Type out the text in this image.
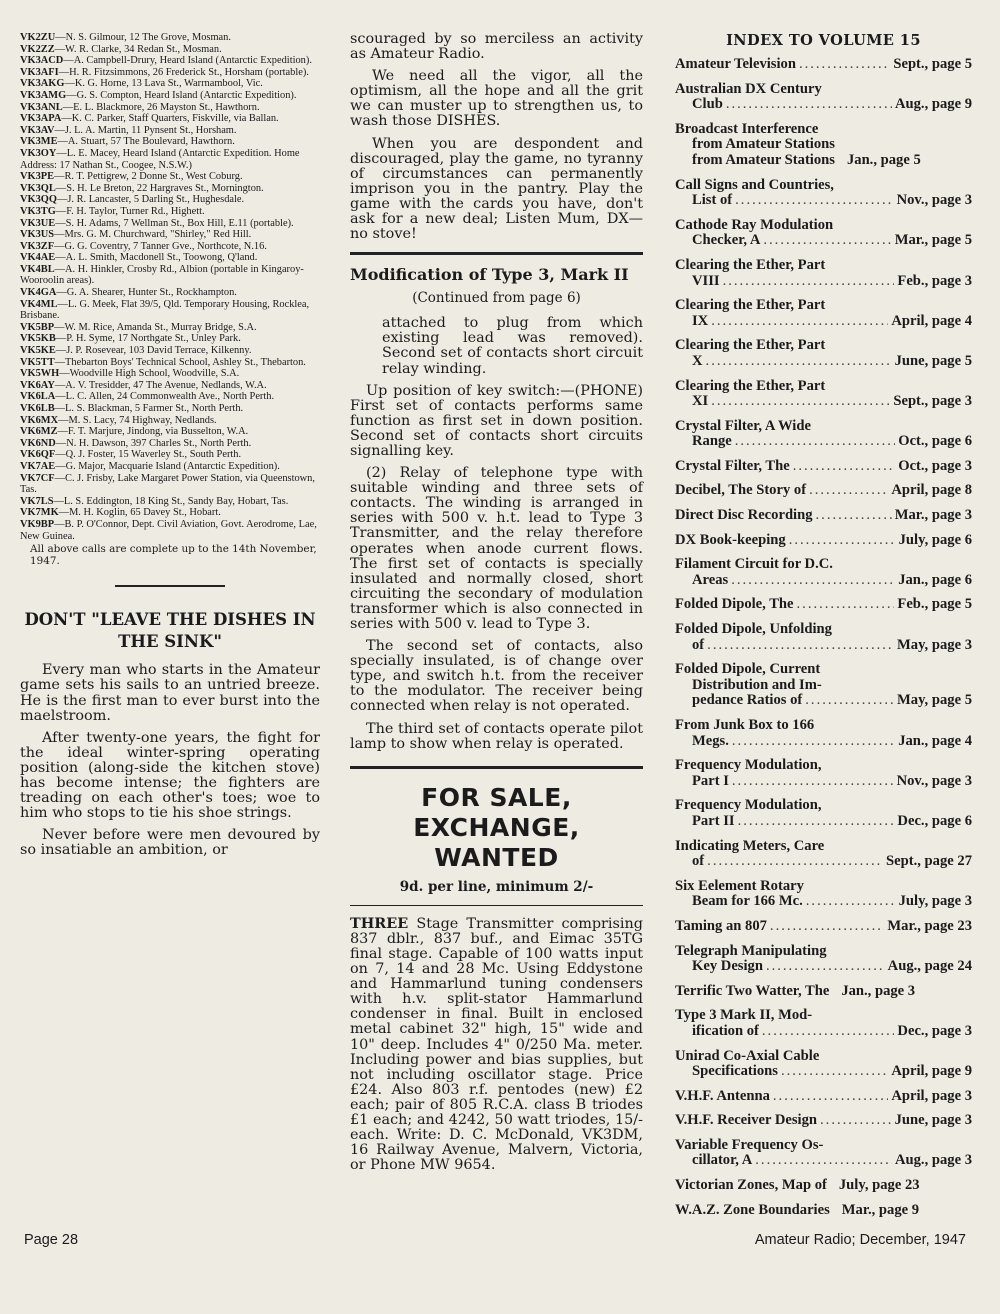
VK2ZU—N. S. Gilmour, 12 The Grove, Mosman.
VK2ZZ—W. R. Clarke, 34 Redan St., Mosman.
VK3ACD—A. Campbell-Drury, Heard Island (Antarctic Expedition).
VK3AFI—H. R. Fitzsimmons, 26 Frederick St., Horsham (portable).
VK3AKG—K. G. Horne, 13 Lava St., Warrnambool, Vic.
VK3AMG—G. S. Compton, Heard Island (Antarctic Expedition).
VK3ANL—E. L. Blackmore, 26 Mayston St., Hawthorn.
VK3APA—K. C. Parker, Staff Quarters, Fiskville, via Ballan.
VK3AV—J. L. A. Martin, 11 Pynsent St., Horsham.
VK3ME—A. Stuart, 57 The Boulevard, Hawthorn.
VK3OY—L. E. Macey, Heard Island (Antarctic Expedition. Home Address: 17 Nathan St., Coogee, N.S.W.)
VK3PE—R. T. Pettigrew, 2 Donne St., West Coburg.
VK3QL—S. H. Le Breton, 22 Hargraves St., Mornington.
VK3QQ—J. R. Lancaster, 5 Darling St., Hughesdale.
VK3TG—F. H. Taylor, Turner Rd., Highett.
VK3UE—S. H. Adams, 7 Wellman St., Box Hill, E.11 (portable).
VK3US—Mrs. G. M. Churchward, "Shirley," Red Hill.
VK3ZF—G. G. Coventry, 7 Tanner Gve., Northcote, N.16.
VK4AE—A. L. Smith, Macdonell St., Toowong, Q'land.
VK4BL—A. H. Hinkler, Crosby Rd., Albion (portable in Kingaroy-Wooroolin areas).
VK4GA—G. A. Shearer, Hunter St., Rockhampton.
VK4ML—L. G. Meek, Flat 39/5, Qld. Temporary Housing, Rocklea, Brisbane.
VK5BP—W. M. Rice, Amanda St., Murray Bridge, S.A.
VK5KB—P. H. Syme, 17 Northgate St., Unley Park.
VK5KE—J. P. Rosevear, 103 David Terrace, Kilkenny.
VK5TT—Thebarton Boys' Technical School, Ashley St., Thebarton.
VK5WH—Woodville High School, Woodville, S.A.
VK6AY—A. V. Tresidder, 47 The Avenue, Nedlands, W.A.
VK6LA—L. C. Allen, 24 Commonwealth Ave., North Perth.
VK6LB—L. S. Blackman, 5 Farmer St., North Perth.
VK6MX—M. S. Lacy, 74 Highway, Nedlands.
VK6MZ—F. T. Marjure, Jindong, via Busselton, W.A.
VK6ND—N. H. Dawson, 397 Charles St., North Perth.
VK6QF—Q. J. Foster, 15 Waverley St., South Perth.
VK7AE—G. Major, Macquarie Island (Antarctic Expedition).
VK7CF—C. J. Frisby, Lake Margaret Power Station, via Queenstown, Tas.
VK7LS—L. S. Eddington, 18 King St., Sandy Bay, Hobart, Tas.
VK7MK—M. H. Koglin, 65 Davey St., Hobart.
VK9BP—B. P. O'Connor, Dept. Civil Aviation, Govt. Aerodrome, Lae, New Guinea.
All above calls are complete up to the 14th November, 1947.
DON'T "LEAVE THE DISHES IN THE SINK"

Every man who starts in the Amateur game sets his sails to an untried breeze. He is the first man to ever burst into the maelstroom.

After twenty-one years, the fight for the ideal winter-spring operating position (along-side the kitchen stove) has become intense; the fighters are treading on each other's toes; woe to him who stops to tie his shoe strings.

Never before were men devoured by so insatiable an ambition, or

scouraged by so merciless an activity as Amateur Radio.

We need all the vigor, all the optimism, all the hope and all the grit we can muster up to strengthen us, to wash those DISHES.

When you are despondent and discouraged, play the game, no tyranny of circumstances can permanently imprison you in the pantry. Play the game with the cards you have, don't ask for a new deal; Listen Mum, DX—no stove!

Modification of Type 3, Mark II
(Continued from page 6)

attached to plug from which existing lead was removed). Second set of contacts short circuit relay winding.

Up position of key switch:—(PHONE) First set of contacts performs same function as first set in down position. Second set of contacts short circuits signalling key.

(2) Relay of telephone type with suitable winding and three sets of contacts. The winding is arranged in series with 500 v. h.t. lead to Type 3 Transmitter, and the relay therefore operates when anode current flows. The first set of contacts is specially insulated and normally closed, short circuiting the secondary of modulation transformer which is also connected in series with 500 v. lead to Type 3.

The second set of contacts, also specially insulated, is of change over type, and switch h.t. from the receiver to the modulator. The receiver being connected when relay is not operated.

The third set of contacts operate pilot lamp to show when relay is operated.

FOR SALE,
EXCHANGE, WANTED
9d. per line, minimum 2/-
THREE Stage Transmitter comprising 837 dblr., 837 buf., and Eimac 35TG final stage. Capable of 100 watts input on 7, 14 and 28 Mc. Using Eddystone and Hammarlund tuning condensers with h.v. split-stator Hammarlund condenser in final. Built in enclosed metal cabinet 32" high, 15" wide and 10" deep. Includes 4" 0/250 Ma. meter. Including power and bias supplies, but not including oscillator stage. Price £24. Also 803 r.f. pentodes (new) £2 each; pair of 805 R.C.A. class B triodes £1 each; and 4242, 50 watt triodes, 15/- each. Write: D. C. McDonald, VK3DM, 16 Railway Avenue, Malvern, Victoria, or Phone MW 9654.
INDEX TO VOLUME 15
Amateur Television .....	Sept., page 5
Australian DX Century
Club .....	Aug., page 9
Broadcast Interference
from Amateur Stations
from Amateur Stations Jan., page 5
Call Signs and Countries,
List of .....	Nov., page 3
Cathode Ray Modulation
Checker, A .....	Mar., page 5
Clearing the Ether, Part
VIII .....	Feb., page 3
Clearing the Ether, Part
IX .....	April, page 4
Clearing the Ether, Part
X .....	June, page 5
Clearing the Ether, Part
XI .....	Sept., page 3
Crystal Filter, A Wide
Range .....	Oct., page 6
Crystal Filter, The .....	Oct., page 3
Decibel, The Story of .....	April, page 8
Direct Disc Recording .....	Mar., page 3
DX Book-keeping .....	July, page 6
Filament Circuit for D.C.
Areas .....	Jan., page 6
Folded Dipole, The .....	Feb., page 5
Folded Dipole, Unfolding
of .....	May, page 3
Folded Dipole, Current
Distribution and Im-
pedance Ratios of .....	May, page 5
From Junk Box to 166
Megs. .....	Jan., page 4
Frequency Modulation,
Part I .....	Nov., page 3
Frequency Modulation,
Part II .....	Dec., page 6
Indicating Meters, Care
of .....	Sept., page 27
Six Eelement Rotary
Beam for 166 Mc. .....	July, page 3
Taming an 807 .....	Mar., page 23
Telegraph Manipulating
Key Design .....	Aug., page 24
Terrific Two Watter, The Jan., page 3
Type 3 Mark II, Mod-
ification of .....	Dec., page 3
Unirad Co-Axial Cable
Specifications .....	April, page 9
V.H.F. Antenna .....	April, page 3
V.H.F. Receiver Design .....	June, page 3
Variable Frequency Os-
cillator, A .....	Aug., page 3
Victorian Zones, Map of July, page 23
W.A.Z. Zone Boundaries Mar., page 9
Page 28	Amateur Radio; December, 1947
